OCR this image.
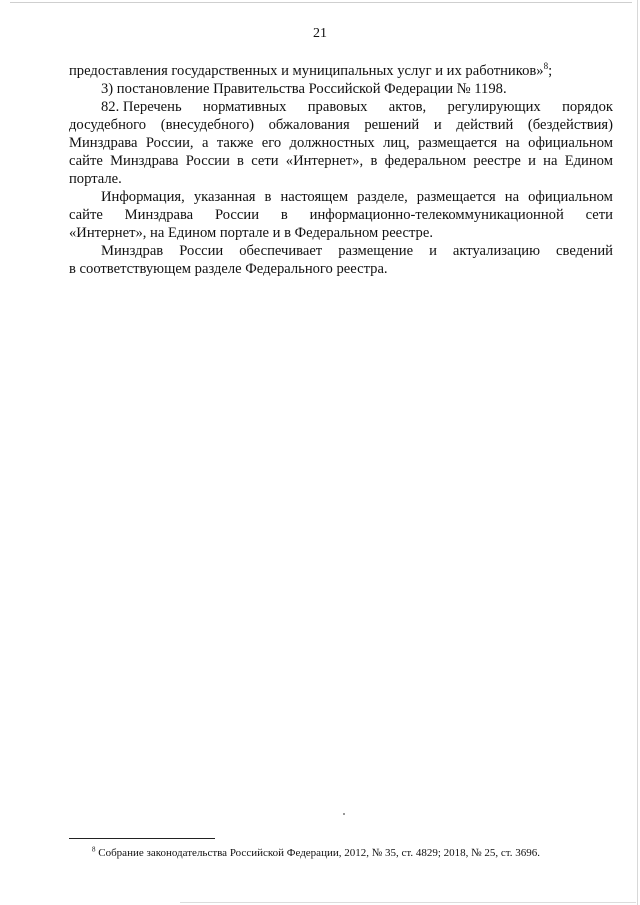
21
предоставления государственных и муниципальных услуг и их работников»$^8$;
3) постановление Правительства Российской Федерации № 1198.
82. Перечень нормативных правовых актов, регулирующих порядок
досудебного (внесудебного) обжалования решений и действий (бездействия)
Минздрава России, а также его должностных лиц, размещается на официальном
сайте Минздрава России в сети «Интернет», в федеральном реестре и на Едином
портале.
Информация, указанная в настоящем разделе, размещается на официальном
сайте Минздрава России в информационно-телекоммуникационной сети
«Интернет», на Едином портале и в Федеральном реестре.
Минздрав России обеспечивает размещение и актуализацию сведений
в соответствующем разделе Федерального реестра.
$^8$ Собрание законодательства Российской Федерации, 2012, № 35, ст. 4829; 2018, № 25, ст. 3696.
